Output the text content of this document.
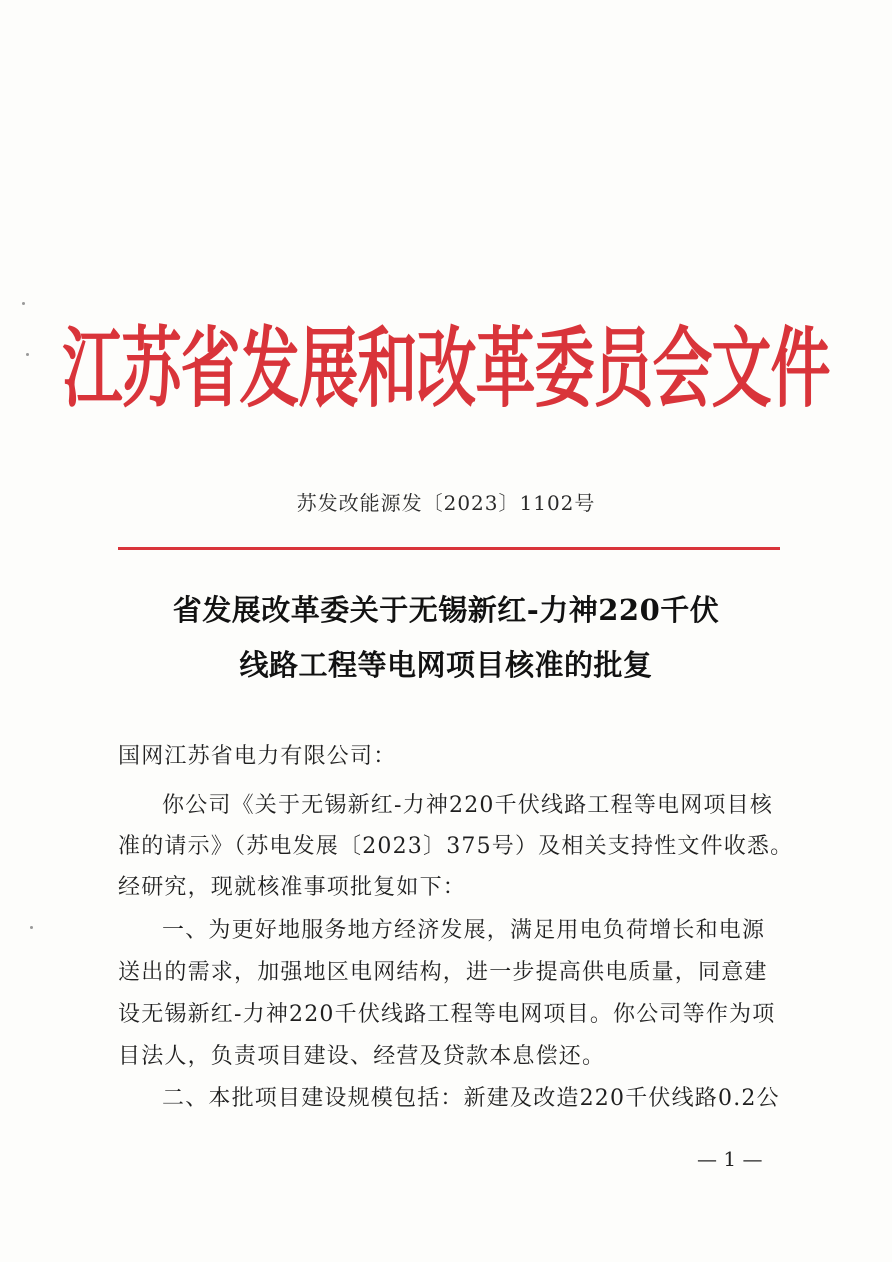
江苏省发展和改革委员会文件
苏发改能源发〔2023〕1102号
省发展改革委关于无锡新红-力神220千伏
线路工程等电网项目核准的批复
国网江苏省电力有限公司：
你公司《关于无锡新红-力神220千伏线路工程等电网项目核
准的请示》（苏电发展〔2023〕375号）及相关支持性文件收悉。
经研究，现就核准事项批复如下：
一、为更好地服务地方经济发展，满足用电负荷增长和电源
送出的需求，加强地区电网结构，进一步提高供电质量，同意建
设无锡新红-力神220千伏线路工程等电网项目。你公司等作为项
目法人，负责项目建设、经营及贷款本息偿还。
二、本批项目建设规模包括：新建及改造220千伏线路0.2公
— 1 —
